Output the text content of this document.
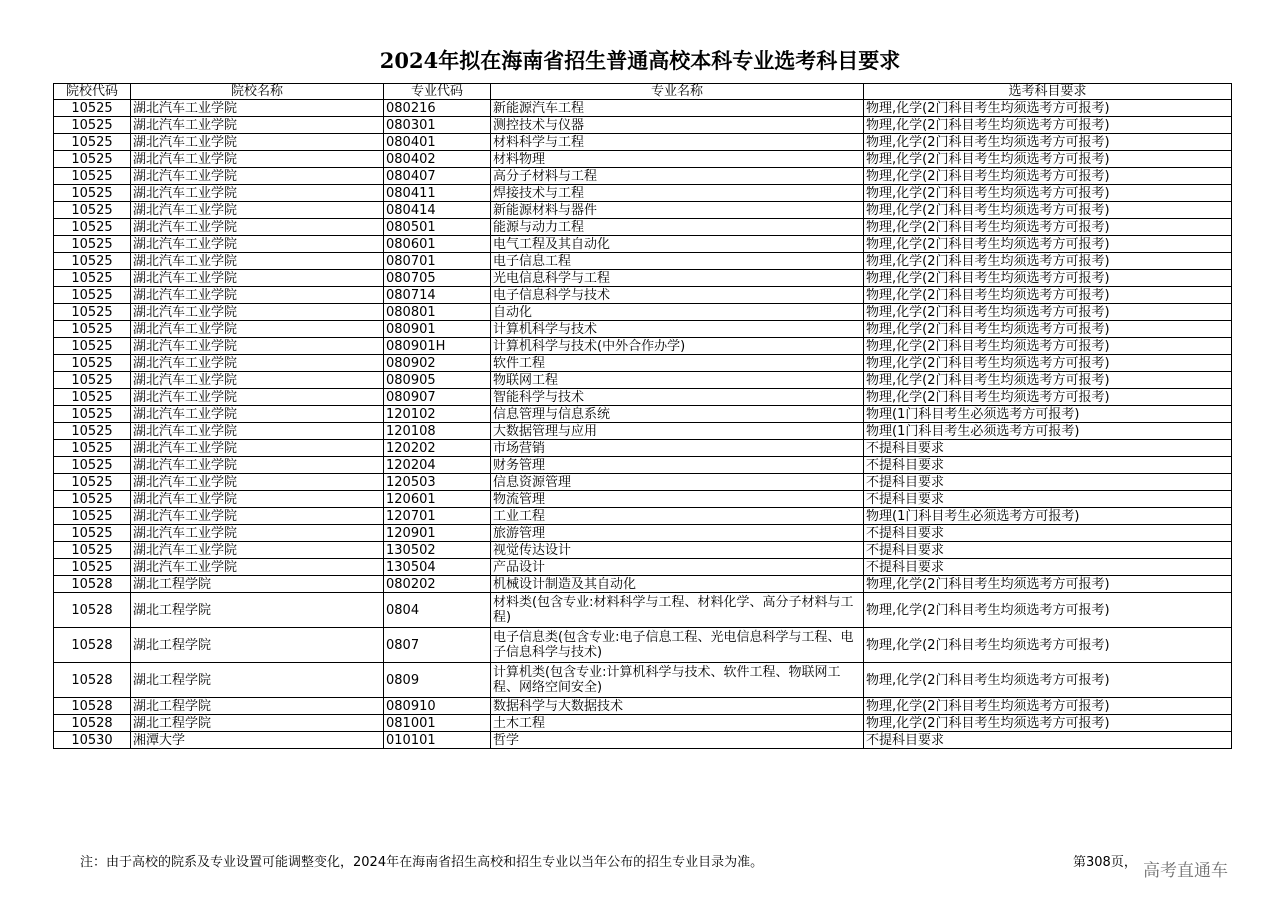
2024年拟在海南省招生普通高校本科专业选考科目要求
院校代码	院校名称	专业代码	专业名称	选考科目要求
10525	湖北汽车工业学院	080216	新能源汽车工程	物理,化学(2门科目考生均须选考方可报考)
10525	湖北汽车工业学院	080301	测控技术与仪器	物理,化学(2门科目考生均须选考方可报考)
10525	湖北汽车工业学院	080401	材料科学与工程	物理,化学(2门科目考生均须选考方可报考)
10525	湖北汽车工业学院	080402	材料物理	物理,化学(2门科目考生均须选考方可报考)
10525	湖北汽车工业学院	080407	高分子材料与工程	物理,化学(2门科目考生均须选考方可报考)
10525	湖北汽车工业学院	080411	焊接技术与工程	物理,化学(2门科目考生均须选考方可报考)
10525	湖北汽车工业学院	080414	新能源材料与器件	物理,化学(2门科目考生均须选考方可报考)
10525	湖北汽车工业学院	080501	能源与动力工程	物理,化学(2门科目考生均须选考方可报考)
10525	湖北汽车工业学院	080601	电气工程及其自动化	物理,化学(2门科目考生均须选考方可报考)
10525	湖北汽车工业学院	080701	电子信息工程	物理,化学(2门科目考生均须选考方可报考)
10525	湖北汽车工业学院	080705	光电信息科学与工程	物理,化学(2门科目考生均须选考方可报考)
10525	湖北汽车工业学院	080714	电子信息科学与技术	物理,化学(2门科目考生均须选考方可报考)
10525	湖北汽车工业学院	080801	自动化	物理,化学(2门科目考生均须选考方可报考)
10525	湖北汽车工业学院	080901	计算机科学与技术	物理,化学(2门科目考生均须选考方可报考)
10525	湖北汽车工业学院	080901H	计算机科学与技术(中外合作办学)	物理,化学(2门科目考生均须选考方可报考)
10525	湖北汽车工业学院	080902	软件工程	物理,化学(2门科目考生均须选考方可报考)
10525	湖北汽车工业学院	080905	物联网工程	物理,化学(2门科目考生均须选考方可报考)
10525	湖北汽车工业学院	080907	智能科学与技术	物理,化学(2门科目考生均须选考方可报考)
10525	湖北汽车工业学院	120102	信息管理与信息系统	物理(1门科目考生必须选考方可报考)
10525	湖北汽车工业学院	120108	大数据管理与应用	物理(1门科目考生必须选考方可报考)
10525	湖北汽车工业学院	120202	市场营销	不提科目要求
10525	湖北汽车工业学院	120204	财务管理	不提科目要求
10525	湖北汽车工业学院	120503	信息资源管理	不提科目要求
10525	湖北汽车工业学院	120601	物流管理	不提科目要求
10525	湖北汽车工业学院	120701	工业工程	物理(1门科目考生必须选考方可报考)
10525	湖北汽车工业学院	120901	旅游管理	不提科目要求
10525	湖北汽车工业学院	130502	视觉传达设计	不提科目要求
10525	湖北汽车工业学院	130504	产品设计	不提科目要求
10528	湖北工程学院	080202	机械设计制造及其自动化	物理,化学(2门科目考生均须选考方可报考)
10528	湖北工程学院	0804	材料类(包含专业:材料科学与工程、材料化学、高分子材料与工程)	物理,化学(2门科目考生均须选考方可报考)
10528	湖北工程学院	0807	电子信息类(包含专业:电子信息工程、光电信息科学与工程、电子信息科学与技术)	物理,化学(2门科目考生均须选考方可报考)
10528	湖北工程学院	0809	计算机类(包含专业:计算机科学与技术、软件工程、物联网工程、网络空间安全)	物理,化学(2门科目考生均须选考方可报考)
10528	湖北工程学院	080910	数据科学与大数据技术	物理,化学(2门科目考生均须选考方可报考)
10528	湖北工程学院	081001	土木工程	物理,化学(2门科目考生均须选考方可报考)
10530	湘潭大学	010101	哲学	不提科目要求
注：由于高校的院系及专业设置可能调整变化，2024年在海南省招生高校和招生专业以当年公布的招生专业目录为准。	第308页， 高考直通车
